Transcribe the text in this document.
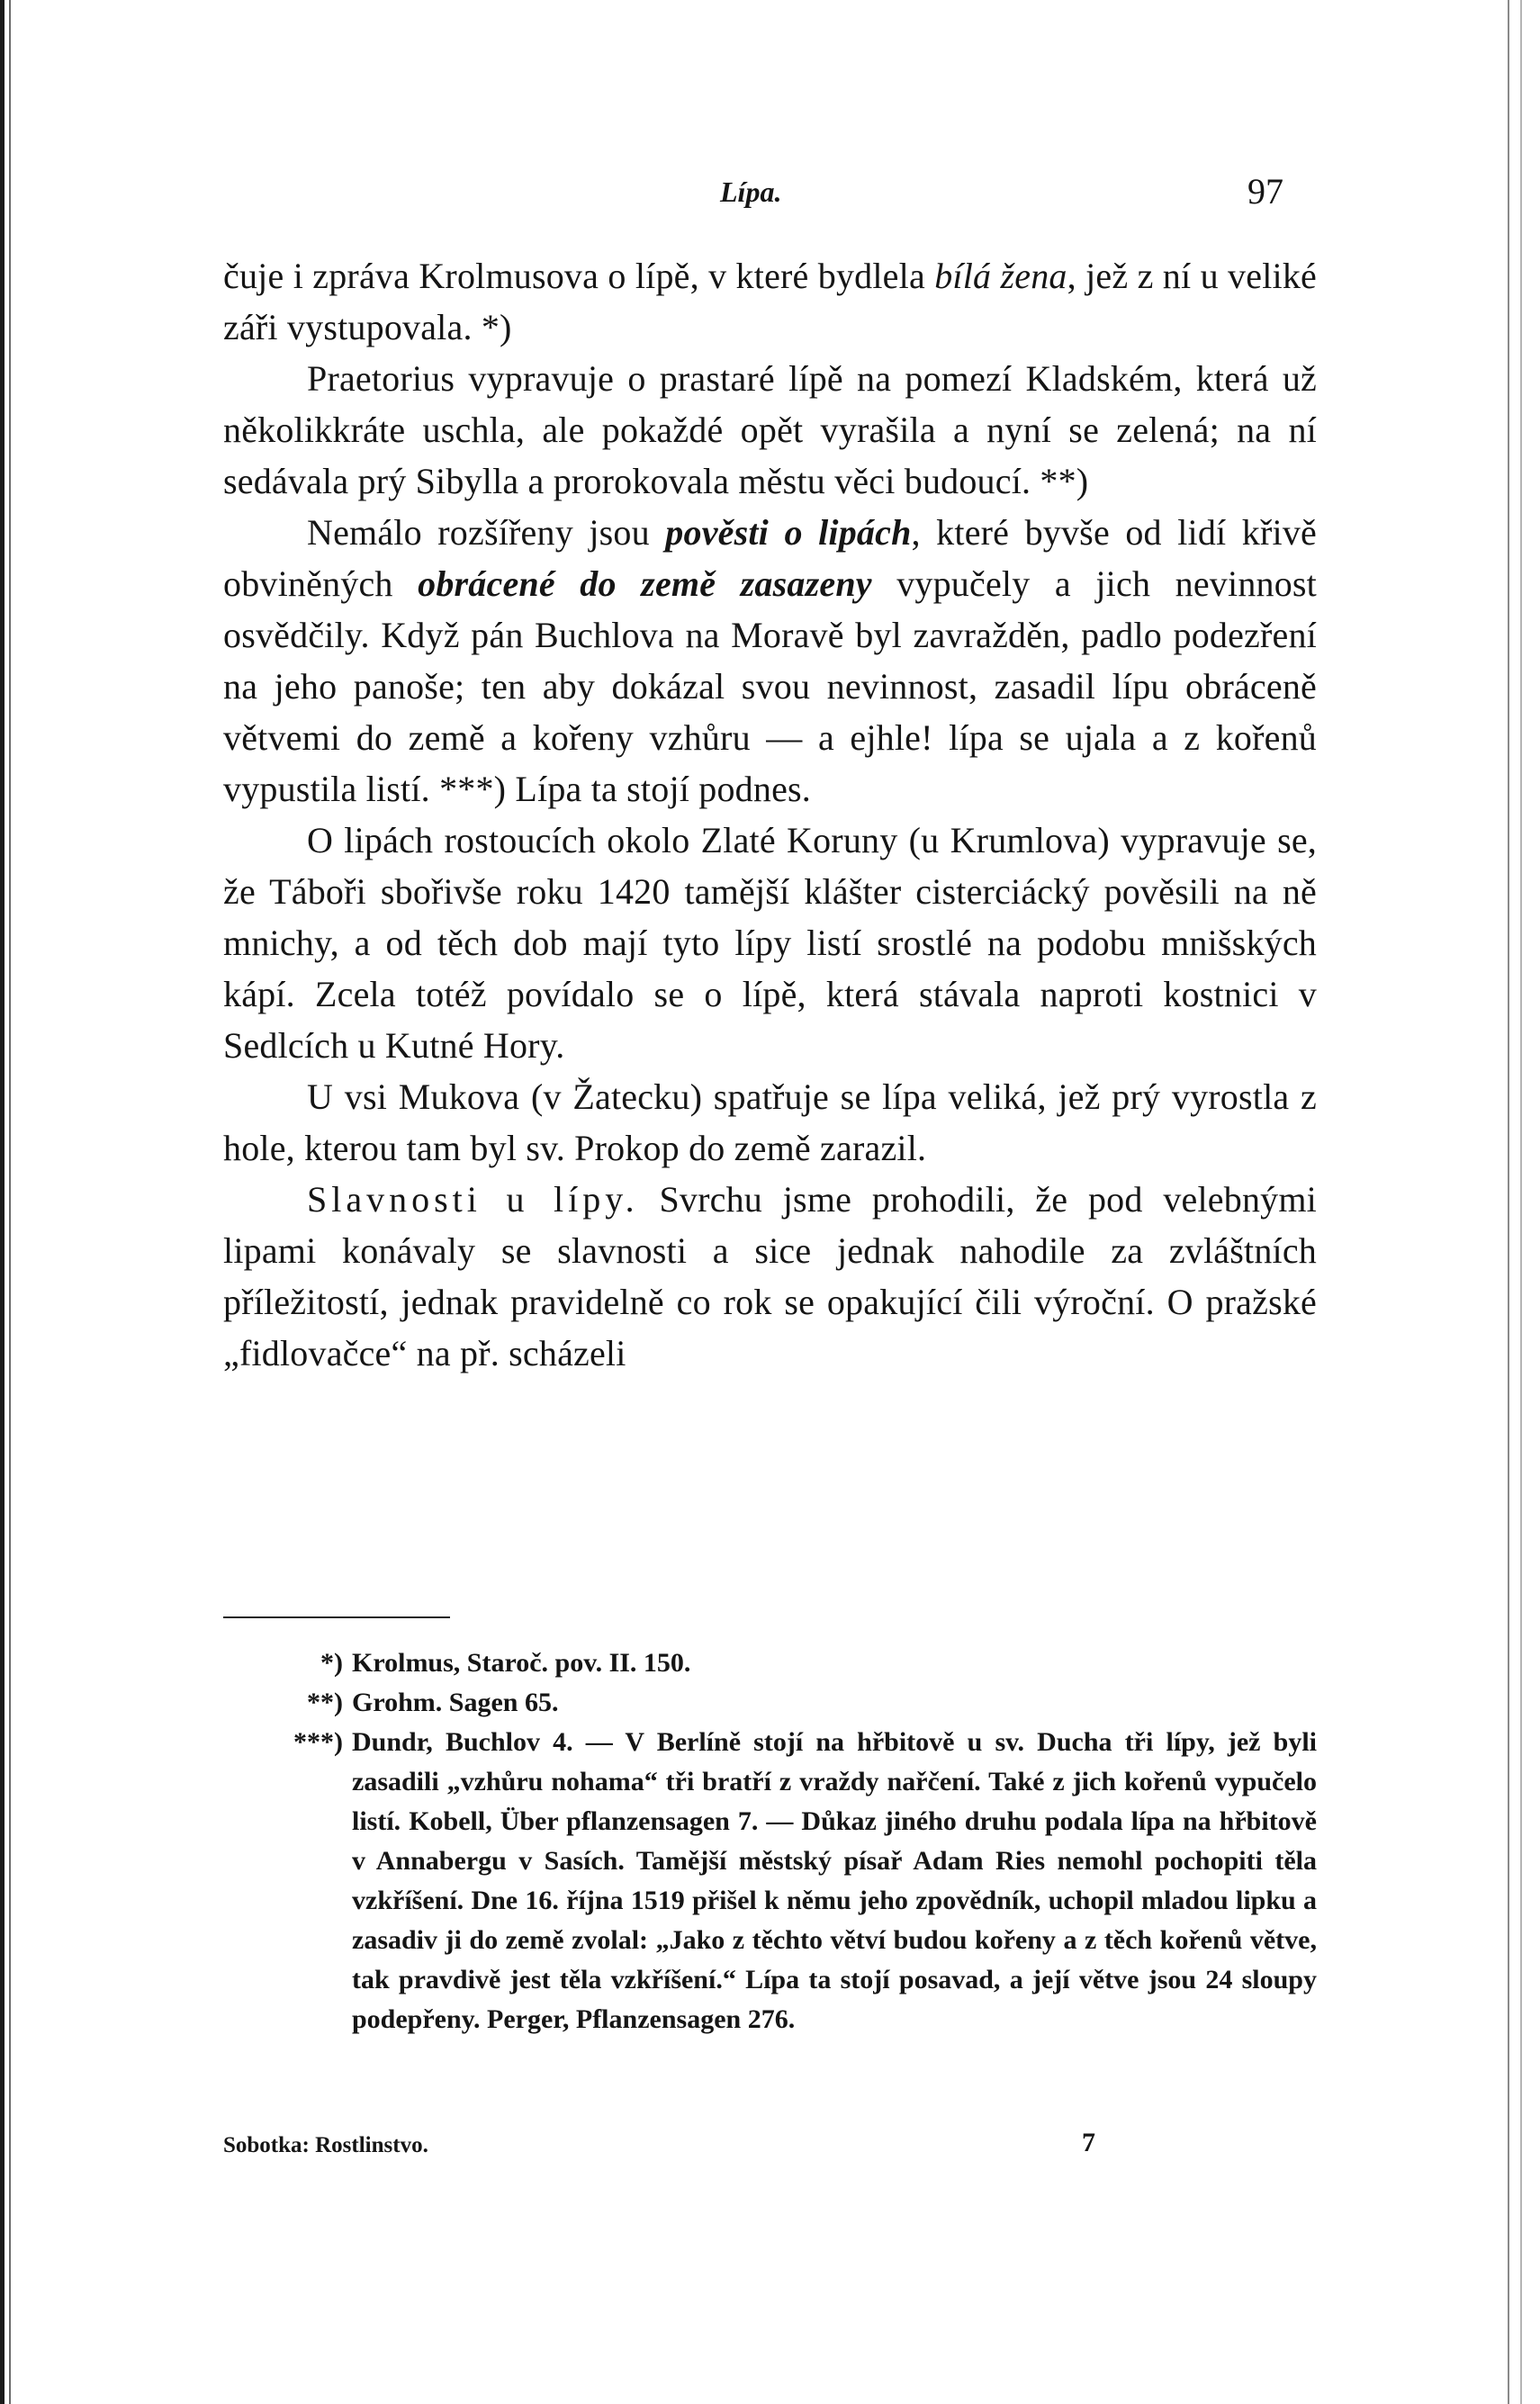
Lípa.	97

čuje i zpráva Krolmusova o lípě, v které bydlela bílá žena, jež z ní u veliké záři vystupovala. *)

Praetorius vypravuje o prastaré lípě na pomezí Kladském, která už několikkráte uschla, ale pokaždé opět vyrašila a nyní se zelená; na ní sedávala prý Sibylla a prorokovala městu věci budoucí. **)

Nemálo rozšířeny jsou pověsti o lipách, které byvše od lidí křivě obviněných obrácené do země zasazeny vypučely a jich nevinnost osvědčily. Když pán Buchlova na Moravě byl zavražděn, padlo podezření na jeho panoše; ten aby dokázal svou nevinnost, zasadil lípu obráceně větvemi do země a kořeny vzhůru — a ejhle! lípa se ujala a z kořenů vypustila listí. ***) Lípa ta stojí podnes.

O lipách rostoucích okolo Zlaté Koruny (u Krumlova) vypravuje se, že Táboři sbořivše roku 1420 tamější klášter cisterciácký pověsili na ně mnichy, a od těch dob mají tyto lípy listí srostlé na podobu mnišských kápí. Zcela totéž povídalo se o lípě, která stávala naproti kostnici v Sedlcích u Kutné Hory.

U vsi Mukova (v Žatecku) spatřuje se lípa veliká, jež prý vyrostla z hole, kterou tam byl sv. Prokop do země zarazil.

Slavnosti u lípy. Svrchu jsme prohodili, že pod velebnými lipami konávaly se slavnosti a sice jednak nahodile za zvláštních příležitostí, jednak pravidelně co rok se opakující čili výroční. O pražské „fidlovačce“ na př. scházeli

*) Krolmus, Staroč. pov. II. 150.
**) Grohm. Sagen 65.
***) Dundr, Buchlov 4. — V Berlíně stojí na hřbitově u sv. Ducha tři lípy, jež byli zasadili „vzhůru nohama“ tři bratří z vraždy nařčení. Také z jich kořenů vypučelo listí. Kobell, Über pflanzensagen 7. — Důkaz jiného druhu podala lípa na hřbitově v Annabergu v Sasích. Tamější městský písař Adam Ries nemohl pochopiti těla vzkříšení. Dne 16. října 1519 přišel k němu jeho zpovědník, uchopil mladou lipku a zasadiv ji do země zvolal: „Jako z těchto větví budou kořeny a z těch kořenů větve, tak pravdivě jest těla vzkříšení.“ Lípa ta stojí posavad, a její větve jsou 24 sloupy podepřeny. Perger, Pflanzensagen 276.
Sobotka: Rostlinstvo.	7
